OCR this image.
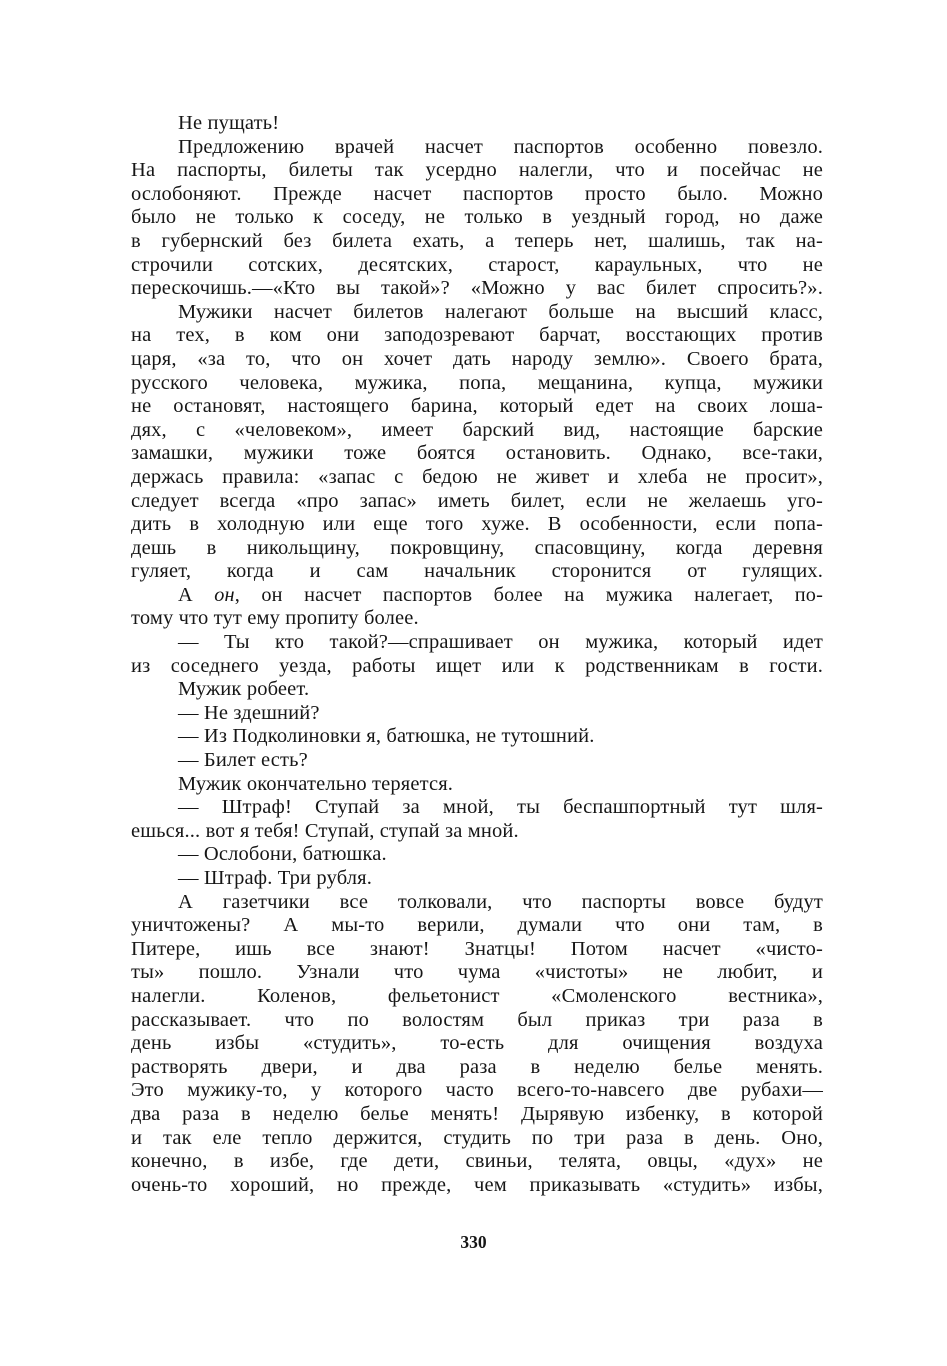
Не пущать!
Предложению врачей насчет паспортов особенно повезло.
На паспорты, билеты так усердно налегли, что и посейчас не
ослобоняют. Прежде насчет паспортов просто было. Можно
было не только к соседу, не только в уездный город, но даже
в губернский без билета ехать, а теперь нет, шалишь, так на-
строчили сотских, десятских, старост, караульных, что не
перескочишь.—«Кто вы такой»? «Можно у вас билет спросить?».
Мужики насчет билетов налегают больше на высший класс,
на тех, в ком они заподозревают барчат, восстающих против
царя, «за то, что он хочет дать народу землю». Своего брата,
русского человека, мужика, попа, мещанина, купца, мужики
не остановят, настоящего барина, который едет на своих лоша-
дях, с «человеком», имеет барский вид, настоящие барские
замашки, мужики тоже боятся остановить. Однако, все-таки,
держась правила: «запас с бедою не живет и хлеба не просит»,
следует всегда «про запас» иметь билет, если не желаешь уго-
дить в холодную или еще того хуже. В особенности, если попа-
дешь в никольщину, покровщину, спасовщину, когда деревня
гуляет, когда и сам начальник сторонится от гулящих.
А он, он насчет паспортов более на мужика налегает, по-
тому что тут ему пропиту более.
— Ты кто такой?—спрашивает он мужика, который идет
из соседнего уезда, работы ищет или к родственникам в гости.
Мужик робеет.
— Не здешний?
— Из Подколиновки я, батюшка, не тутошний.
— Билет есть?
Мужик окончательно теряется.
— Штраф! Ступай за мной, ты беспашпортный тут шля-
ешься... вот я тебя! Ступай, ступай за мной.
— Ослобони, батюшка.
— Штраф. Три рубля.
А газетчики все толковали, что паспорты вовсе будут
уничтожены? А мы-то верили, думали что они там, в
Питере, ишь все знают! Знатцы! Потом насчет «чисто-
ты» пошло. Узнали что чума «чистоты» не любит, и
налегли. Коленов, фельетонист «Смоленского вестника»,
рассказывает. что по волостям был приказ три раза в
день избы «студить», то-есть для очищения воздуха
растворять двери, и два раза в неделю белье менять.
Это мужику-то, у которого часто всего-то-навсего две рубахи—
два раза в неделю белье менять! Дырявую избенку, в которой
и так еле тепло держится, студить по три раза в день. Оно,
конечно, в избе, где дети, свиньи, телята, овцы, «дух» не
очень-то хороший, но прежде, чем приказывать «студить» избы,
330
